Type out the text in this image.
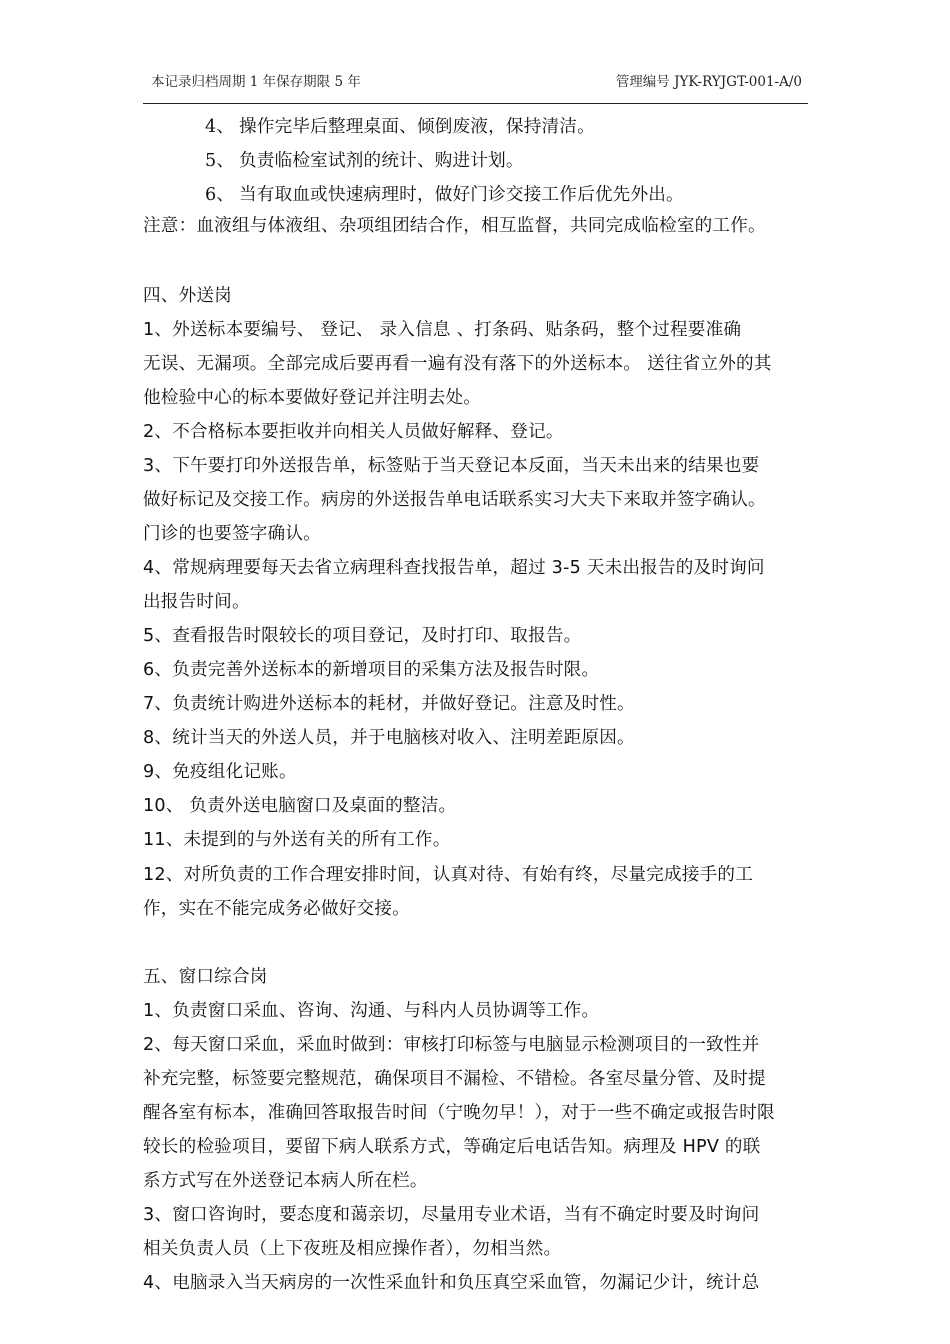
本记录归档周期 1 年保存期限 5 年	管理编号 JYK-RYJGT-001-A/0
4、 操作完毕后整理桌面、倾倒废液，保持清洁。
5、 负责临检室试剂的统计、购进计划。
6、 当有取血或快速病理时，做好门诊交接工作后优先外出。
注意：血液组与体液组、杂项组团结合作，相互监督，共同完成临检室的工作。
四、外送岗
1、外送标本要编号、 登记、 录入信息 、打条码、贴条码，整个过程要准确
无误、无漏项。全部完成后要再看一遍有没有落下的外送标本。 送往省立外的其
他检验中心的标本要做好登记并注明去处。
2、不合格标本要拒收并向相关人员做好解释、登记。
3、下午要打印外送报告单，标签贴于当天登记本反面，当天未出来的结果也要
做好标记及交接工作。病房的外送报告单电话联系实习大夫下来取并签字确认。
门诊的也要签字确认。
4、常规病理要每天去省立病理科查找报告单，超过 3-5 天未出报告的及时询问
出报告时间。
5、查看报告时限较长的项目登记，及时打印、取报告。
6、负责完善外送标本的新增项目的采集方法及报告时限。
7、负责统计购进外送标本的耗材，并做好登记。注意及时性。
8、统计当天的外送人员，并于电脑核对收入、注明差距原因。
9、免疫组化记账。
10、 负责外送电脑窗口及桌面的整洁。
11、未提到的与外送有关的所有工作。
12、对所负责的工作合理安排时间，认真对待、有始有终，尽量完成接手的工
作，实在不能完成务必做好交接。
五、窗口综合岗
1、负责窗口采血、咨询、沟通、与科内人员协调等工作。
2、每天窗口采血，采血时做到：审核打印标签与电脑显示检测项目的一致性并
补充完整，标签要完整规范，确保项目不漏检、不错检。各室尽量分管、及时提
醒各室有标本，准确回答取报告时间（宁晚勿早！），对于一些不确定或报告时限
较长的检验项目，要留下病人联系方式，等确定后电话告知。病理及 HPV 的联
系方式写在外送登记本病人所在栏。
3、窗口咨询时，要态度和蔼亲切，尽量用专业术语，当有不确定时要及时询问
相关负责人员（上下夜班及相应操作者），勿相当然。
4、电脑录入当天病房的一次性采血针和负压真空采血管，勿漏记少计，统计总
